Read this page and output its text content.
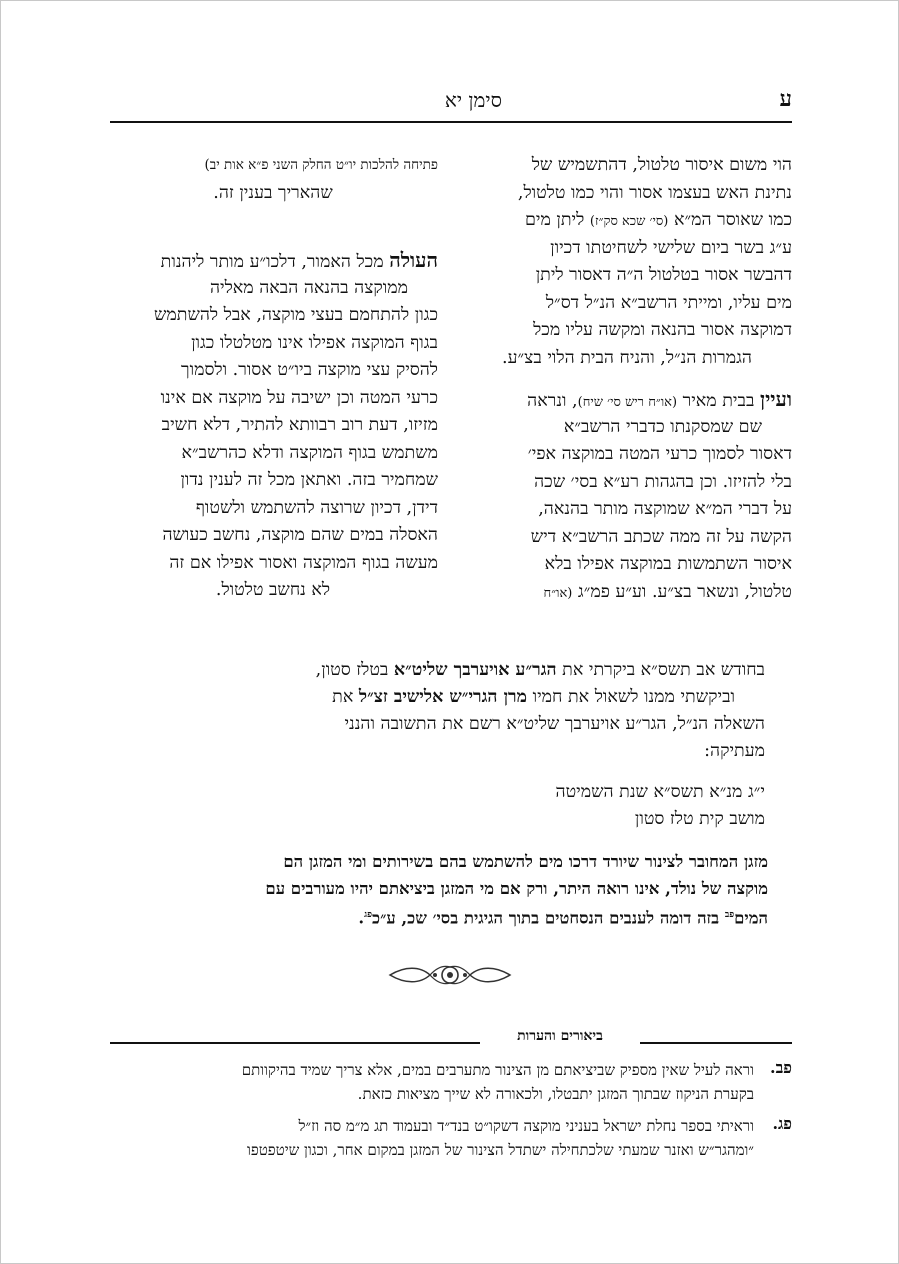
ע
סימן יא
הוי משום איסור טלטול, דהתשמיש של
נתינת האש בעצמו אסור והוי כמו טלטול,
כמו שאוסר המ״א (סי׳ שכא סק״ז) ליתן מים
ע״ג בשר ביום שלישי לשחיטתו דכיון
דהבשר אסור בטלטול ה״ה דאסור ליתן
מים עליו, ומייתי הרשב״א הנ״ל דס״ל
דמוקצה אסור בהנאה ומקשה עליו מכל
הגמרות הנ״ל, והניח הבית הלוי בצ״ע.
ועיין בבית מאיר (או״ח ריש סי׳ שיח), ונראה
שם שמסקנתו כדברי הרשב״א
דאסור לסמוך כרעי המטה במוקצה אפי׳
בלי להזיזו. וכן בהגהות רע״א בסי׳ שכה
על דברי המ״א שמוקצה מותר בהנאה,
הקשה על זה ממה שכתב הרשב״א דיש
איסור השתמשות במוקצה אפילו בלא
טלטול, ונשאר בצ״ע. וע״ע פמ״ג (או״ח
פתיחה להלכות יו״ט החלק השני פ״א אות יב)
שהאריך בענין זה.
העולה מכל האמור, דלכו״ע מותר ליהנות
ממוקצה בהנאה הבאה מאליה
כגון להתחמם בעצי מוקצה, אבל להשתמש
בגוף המוקצה אפילו אינו מטלטלו כגון
להסיק עצי מוקצה ביו״ט אסור. ולסמוך
כרעי המטה וכן ישיבה על מוקצה אם אינו
מזיזו, דעת רוב רבוותא להתיר, דלא חשיב
משתמש בגוף המוקצה ודלא כהרשב״א
שמחמיר בזה. ואתאן מכל זה לענין נדון
דידן, דכיון שרוצה להשתמש ולשטוף
האסלה במים שהם מוקצה, נחשב כעושה
מעשה בגוף המוקצה ואסור אפילו אם זה
לא נחשב טלטול.
בחודש אב תשס״א ביקרתי את הגר״ע אויערבך שליט״א בטלז סטון,
וביקשתי ממנו לשאול את חמיו מרן הגרי״ש אלישיב זצ״ל את
השאלה הנ״ל, הגר״ע אויערבך שליט״א רשם את התשובה והנני
מעתיקה:
י״ג מנ״א תשס״א שנת השמיטה
מושב קית טלז סטון
מזגן המחובר לצינור שיורד דרכו מים להשתמש בהם בשירותים ומי המזגן הם
מוקצה של נולד, אינו רואה היתר, ורק אם מי המזגן ביציאתם יהיו מעורבים עם
המים$^{פב}$ בזה דומה לענבים הנסחטים בתוך הגיגית בסי׳ שכ, ע״כ$^{פג}$.
ביאורים והערות
פב.
וראה לעיל שאין מספיק שביציאתם מן הצינור מתערבים במים, אלא צריך שמיד בהיקוותם
בקערת הניקוז שבתוך המזגן יתבטלו, ולכאורה לא שייך מציאות כזאת.
פג.
וראיתי בספר נחלת ישראל בעניני מוקצה דשקו״ט בנד״ד ובעמוד תג מ״מ סה וז״ל
״ומהגר״ש ואזנר שמעתי שלכתחילה ישתדל הצינור של המזגן במקום אחר, וכגון שיטפטפו
